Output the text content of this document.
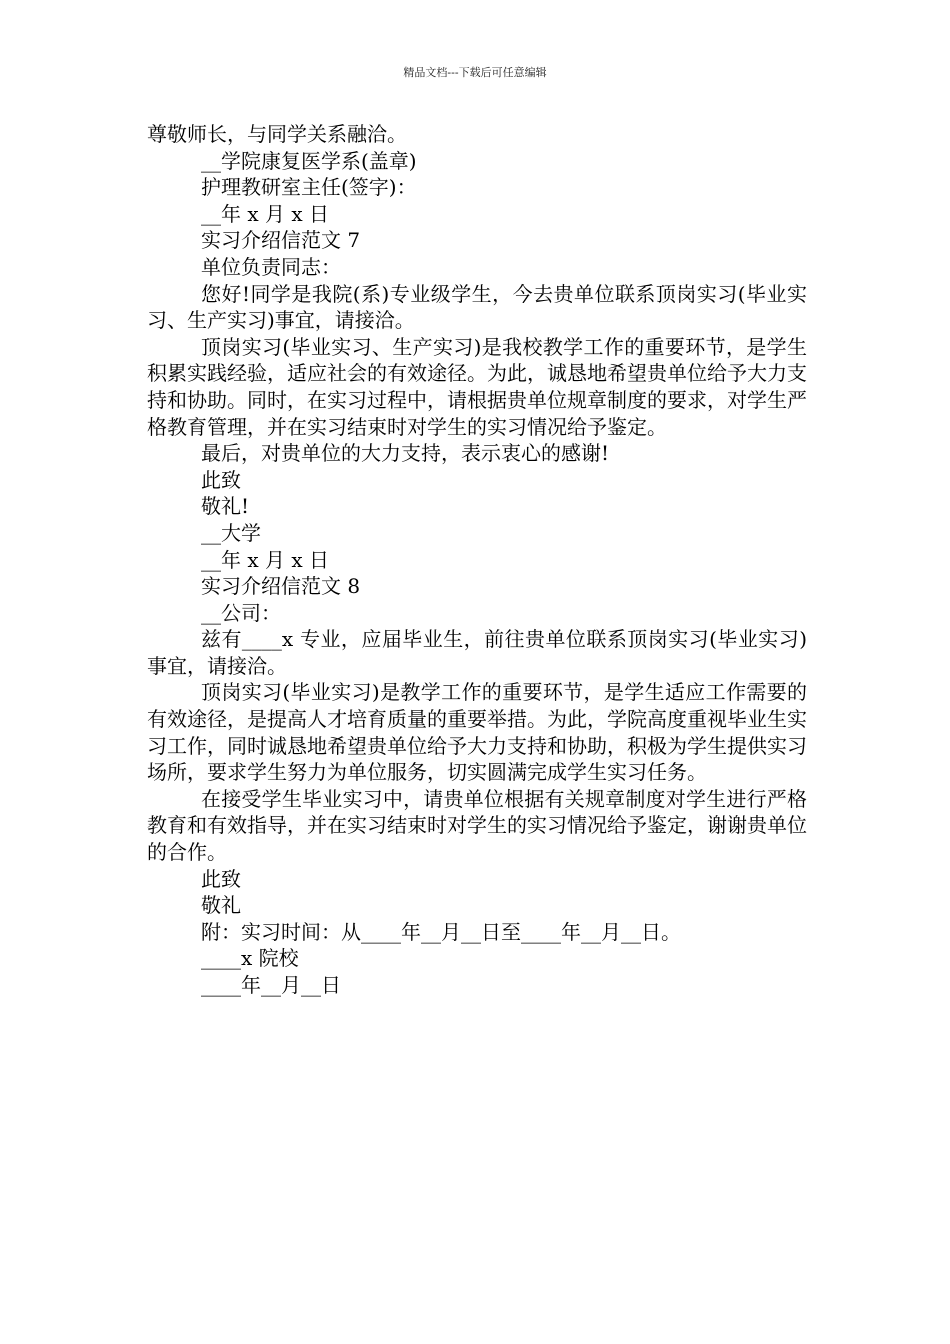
精品文档---下载后可任意编辑

尊敬师长，与同学关系融洽。

__学院康复医学系(盖章)

护理教研室主任(签字)：

__年 x 月 x 日

实习介绍信范文 7

单位负责同志：

您好!同学是我院(系)专业级学生，今去贵单位联系顶岗实习(毕业实习、生产实习)事宜，请接洽。

顶岗实习(毕业实习、生产实习)是我校教学工作的重要环节，是学生积累实践经验，适应社会的有效途径。为此，诚恳地希望贵单位给予大力支持和协助。同时，在实习过程中，请根据贵单位规章制度的要求，对学生严格教育管理，并在实习结束时对学生的实习情况给予鉴定。

最后，对贵单位的大力支持，表示衷心的感谢!

此致

敬礼!

__大学

__年 x 月 x 日

实习介绍信范文 8

__公司：

兹有____x 专业，应届毕业生，前往贵单位联系顶岗实习(毕业实习)事宜，请接洽。

顶岗实习(毕业实习)是教学工作的重要环节，是学生适应工作需要的有效途径，是提高人才培育质量的重要举措。为此，学院高度重视毕业生实习工作，同时诚恳地希望贵单位给予大力支持和协助，积极为学生提供实习场所，要求学生努力为单位服务，切实圆满完成学生实习任务。

在接受学生毕业实习中，请贵单位根据有关规章制度对学生进行严格教育和有效指导，并在实习结束时对学生的实习情况给予鉴定，谢谢贵单位的合作。

此致

敬礼

附：实习时间：从____年__月__日至____年__月__日。

____x 院校

____年__月__日
